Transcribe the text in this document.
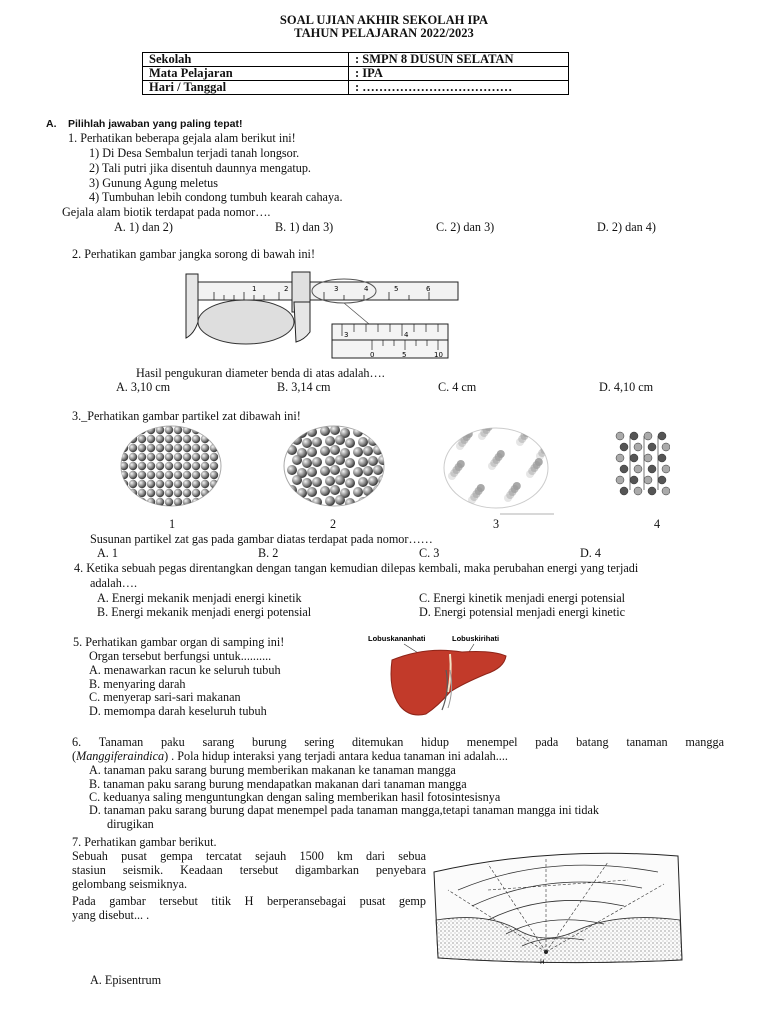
SOAL UJIAN AKHIR SEKOLAH IPA
TAHUN PELAJARAN 2022/2023
Sekolah	: SMPN 8 DUSUN SELATAN
Mata Pelajaran	: IPA
Hari / Tanggal	: ………………………………
A. Pilihlah jawaban yang paling tepat!
1. Perhatikan beberapa gejala alam berikut ini!
1) Di Desa Sembalun terjadi tanah longsor.
2) Tali putri jika disentuh daunnya mengatup.
3) Gunung Agung meletus
4) Tumbuhan lebih condong tumbuh kearah cahaya.
Gejala alam biotik terdapat pada nomor….
A. 1) dan 2)	B. 1) dan 3)	C. 2) dan 3)	D. 2) dan 4)
2. Perhatikan gambar jangka sorong di bawah ini!
1	2	3	4	5	6
3	4
0	5	10
Hasil pengukuran diameter benda di atas adalah….
A. 3,10 cm	B. 3,14 cm	C. 4 cm	D. 4,10 cm
3._Perhatikan gambar partikel zat dibawah ini!
1	2	3	4
Susunan partikel zat gas pada gambar diatas terdapat pada nomor……
A. 1	B. 2	C. 3	D. 4
4. Ketika sebuah pegas direntangkan dengan tangan kemudian dilepas kembali, maka perubahan energi yang terjadi
adalah….
A. Energi mekanik menjadi energi kinetik
B. Energi mekanik menjadi energi potensial
C. Energi kinetik menjadi energi potensial
D. Energi potensial menjadi energi kinetic
5. Perhatikan gambar organ di samping ini!
Organ tersebut berfungsi untuk..........
A. menawarkan racun ke seluruh tubuh
B. menyaring darah
C. menyerap sari-sari makanan
D. memompa darah keseluruh tubuh
Lobuskananhati	Lobuskirihati
6. Tanaman paku sarang burung sering ditemukan hidup menempel pada batang tanaman mangga
(Manggiferaindica) . Pola hidup interaksi yang terjadi antara kedua tanaman ini adalah....
A. tanaman paku sarang burung memberikan makanan ke tanaman mangga
B. tanaman paku sarang burung mendapatkan makanan dari tanaman mangga
C. keduanya saling menguntungkan dengan saling memberikan hasil fotosintesisnya
D. tanaman paku sarang burung dapat menempel pada tanaman mangga,tetapi tanaman mangga ini tidak
dirugikan
7. Perhatikan gambar berikut.
Sebuah pusat gempa tercatat sejauh 1500 km dari sebua
stasiun seismik. Keadaan tersebut digambarkan penyebara
gelombang seismiknya.
Pada gambar tersebut titik H berperansebagai pusat gemp
yang disebut... .
H
A. Episentrum
